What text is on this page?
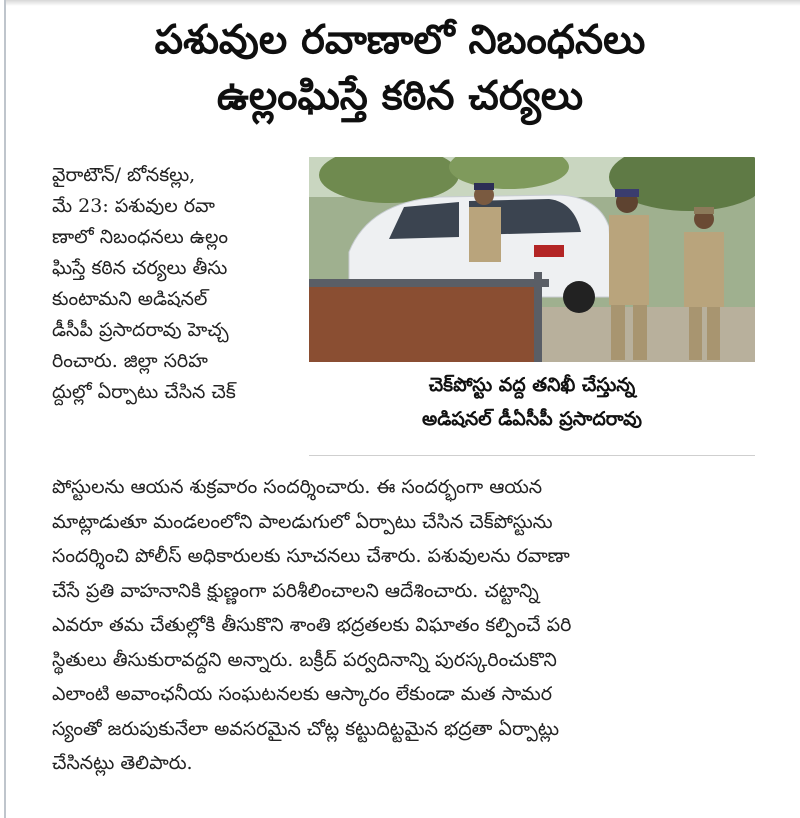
పశువుల రవాణాలో నిబంధనలు
ఉల్లంఘిస్తే కఠిన చర్యలు
వైరాటౌన్/ బోనకల్లు,
మే 23: పశువుల రవా
ణాలో నిబంధనలు ఉల్లం
ఘిస్తే కఠిన చర్యలు తీసు
కుంటామని అడిషనల్
డీసీపీ ప్రసాదరావు హెచ్చ
రించారు. జిల్లా సరిహ
ద్దుల్లో ఏర్పాటు చేసిన చెక్	చెక్‌పోస్టు వద్ద తనిఖీ చేస్తున్న
అడిషనల్ డీఏసీపీ ప్రసాదరావు
పోస్టులను ఆయన శుక్రవారం సందర్శించారు. ఈ సందర్భంగా ఆయన
మాట్లాడుతూ మండలంలోని పాలడుగులో ఏర్పాటు చేసిన చెక్‌పోస్టును
సందర్శించి పోలీస్ అధికారులకు సూచనలు చేశారు. పశువులను రవాణా
చేసే ప్రతి వాహనానికి క్షుణ్ణంగా పరిశీలించాలని ఆదేశించారు. చట్టాన్ని
ఎవరూ తమ చేతుల్లోకి తీసుకొని శాంతి భద్రతలకు విఘాతం కల్పించే పరి
స్థితులు తీసుకురావద్దని అన్నారు. బక్రీద్ పర్వదినాన్ని పురస్కరించుకొని
ఎలాంటి అవాంఛనీయ సంఘటనలకు ఆస్కారం లేకుండా మత సామర
స్యంతో జరుపుకునేలా అవసరమైన చోట్ల కట్టుదిట్టమైన భద్రతా ఏర్పాట్లు
చేసినట్లు తెలిపారు.
